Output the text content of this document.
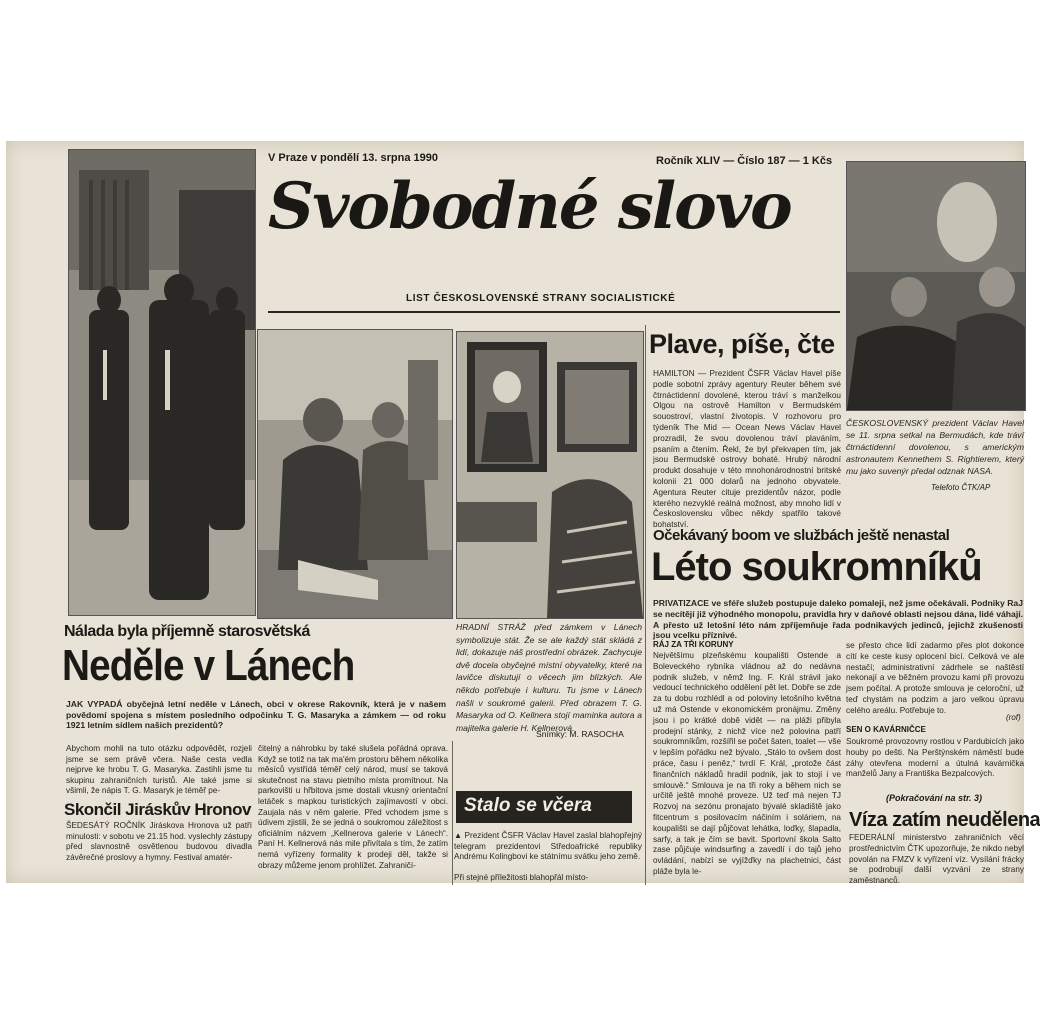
V Praze v pondělí 13. srpna 1990	Ročník XLIV — Číslo 187 — 1 Kčs
Svobodné slovo
LIST ČESKOSLOVENSKÉ STRANY SOCIALISTICKÉ
Plave, píše, čte
HAMILTON — Prezident ČSFR Václav Havel píše podle sobotní zprávy agentury Reuter během své čtrnáctidenní dovolené, kterou tráví s manželkou Olgou na ostrově Hamilton v Bermudském souostroví, vlastní životopis. V rozhovoru pro týdeník The Mid — Ocean News Václav Havel prozradil, že svou dovolenou tráví plaváním, psaním a čtením. Řekl, že byl překvapen tím, jak jsou Bermudské ostrovy bohaté. Hrubý národní produkt dosahuje v této mnohonárodnostní britské kolonii 21 000 dolarů na jednoho obyvatele. Agentura Reuter cituje prezidentův názor, podle kterého nezvyklé reálná možnost, aby mnoho lidí v Československu vůbec někdy spatřilo takové bohatství.
ČESKOSLOVENSKÝ prezident Václav Havel se 11. srpna setkal na Bermudách, kde tráví čtrnáctidenní dovolenou, s americkým astronautem Kennethem S. Rightierem, který mu jako suvenýr předal odznak NASA.
Telefoto ČTK/AP
Očekávaný boom ve službách ještě nenastal
Léto soukromníků
PRIVATIZACE ve sféře služeb postupuje daleko pomaleji, než jsme očekávali. Podniky RaJ se necítějí již výhodného monopolu, pravidla hry v daňové oblasti nejsou dána, lidé váhají. A přesto už letošní léto nám zpříjemňuje řada podnikavých jedinců, jejichž zkušenosti jsou vcelku příznivé.
RÁJ ZA TŘI KORUNY
Největšímu plzeňskému koupališti Ostende a Boleveckého rybníka vládnou až do nedávna podnik služeb, v němž Ing. F. Král strávil jako vedoucí technického oddělení pět let. Dobře se zde za tu dobu rozhlédl a od poloviny letošního května už má Ostende v ekonomickém pronájmu. Změny jsou i po krátké době vidět — na pláži přibyla prodejní stánky, z nichž více než polovina patří soukromníkům, rozšířil se počet šaten, toalet — vše v lepším pořádku než bývalo. „Stálo to ovšem dost práce, času i peněz,“ tvrdí F. Král, „protože část finančních nákladů hradil podnik, jak to stojí i ve smlouvě.“ Smlouva je na tři roky a během nich se určitě ještě mnohé proveze. Už teď má nejen TJ Rozvoj na sezónu pronajato bývalé skladiště jako fitcentrum s posilovacím náčiním i soláriem, na koupališti se dají půjčovat lehátka, loďky, šlapadla, sarfy, a tak je čím se bavit. Sportovní škola Salto zase půjčuje windsurfing a zavedlí i do tajů jeho ovládání, nabízí se vyjížďky na plachetnici, část pláže byla le-
se přesto chce lidí zadarmo přes plot dokonce cítí ke ceste kusy oplocení bicí. Celková ve ale nestačí; administrativní zádrhele se naštěstí nekonají a ve běžném provozu kami při provozu jsem počítal. A protože smlouva je celoroční, už teď chystám na podzim a jaro velkou úpravu celého areálu. Potřebuje to.
(rof)
SEN O KAVÁRNIČCE
Soukromé provozovny rostlou v Pardubicích jako houby po dešti. Na Perštýnském náměstí bude záhy otevřena moderní a útulná kavárnička manželů Jany a Františka Bezpalcových.
(Pokračování na str. 3)
Víza zatím neudělena
FEDERÁLNÍ ministerstvo zahraničních věcí prostřednictvím ČTK upozorňuje, že nikdo nebyl povolán na FMZV k vyřízení víz. Vysílání frácky se podrobují další vyzvání ze strany zaměstnanců.
Nálada byla příjemně starosvětská
Neděle v Lánech
JAK VYPADÁ obyčejná letní neděle v Lánech, obci v okrese Rakovník, která je v našem povědomí spojena s místem posledního odpočinku T. G. Masaryka a zámkem — od roku 1921 letním sídlem našich prezidentů?
Abychom mohli na tuto otázku odpovědět, rozjeli jsme se sem právě včera. Naše cesta vedla nejprve ke hrobu T. G. Masaryka. Zastihli jsme tu skupinu zahraničních turistů. Ale také jsme si všimli, že nápis T. G. Masaryk je téměř pe-
čitelný a náhrobku by také slušela pořádná oprava. Když se totiž na tak ma'ém prostoru během několika měsíců vystřídá téměř celý národ, musí se taková skutečnost na stavu pietního místa promítnout. Na parkovišti u hřbitova jsme dostali vkusný orientační letáček s mapkou turistických zajímavostí v obci. Zaujala nás v něm galerie. Před vchodem jsme s údivem zjistili, že se jedná o soukromou záležitost s oficiálním názvem „Kellnerova galerie v Lánech“. Paní H. Kellnerová nás mile přivítala s tím, že zatím nemá vyřízeny formality k prodeji děl, takže si obrazy můžeme jenom prohlížet. Zahraničí-
Skončil Jiráskův Hronov
ŠEDESÁTÝ ROČNÍK Jiráskova Hronova už patří minulosti: v sobotu ve 21.15 hod. vyslechly zástupy před slavnostně osvětlenou budovou divadla závěrečné proslovy a hymny. Festival amatér-
HRADNÍ STRÁŽ před zámkem v Lánech symbolizuje stát. Že se ale každý stát skládá z lidí, dokazuje náš prostřední obrázek. Zachycuje dvě docela obyčejné místní obyvatelky, které na lavičce diskutují o věcech jim blízkých. Ale někdo potřebuje i kulturu. Tu jsme v Lánech našli v soukromé galerii. Před obrazem T. G. Masaryka od O. Kellnera stojí maminka autora a majitelka galerie H. Kellnerová.
Snímky: M. RASOCHA
Stalo se včera
▲ Prezident ČSFR Václav Havel zaslal blahopřejný telegram prezidentovi Středoafrické republiky Andrému Kolingbovi ke státnímu svátku jeho země.
Při stejné příležitosti blahopřál místo-
